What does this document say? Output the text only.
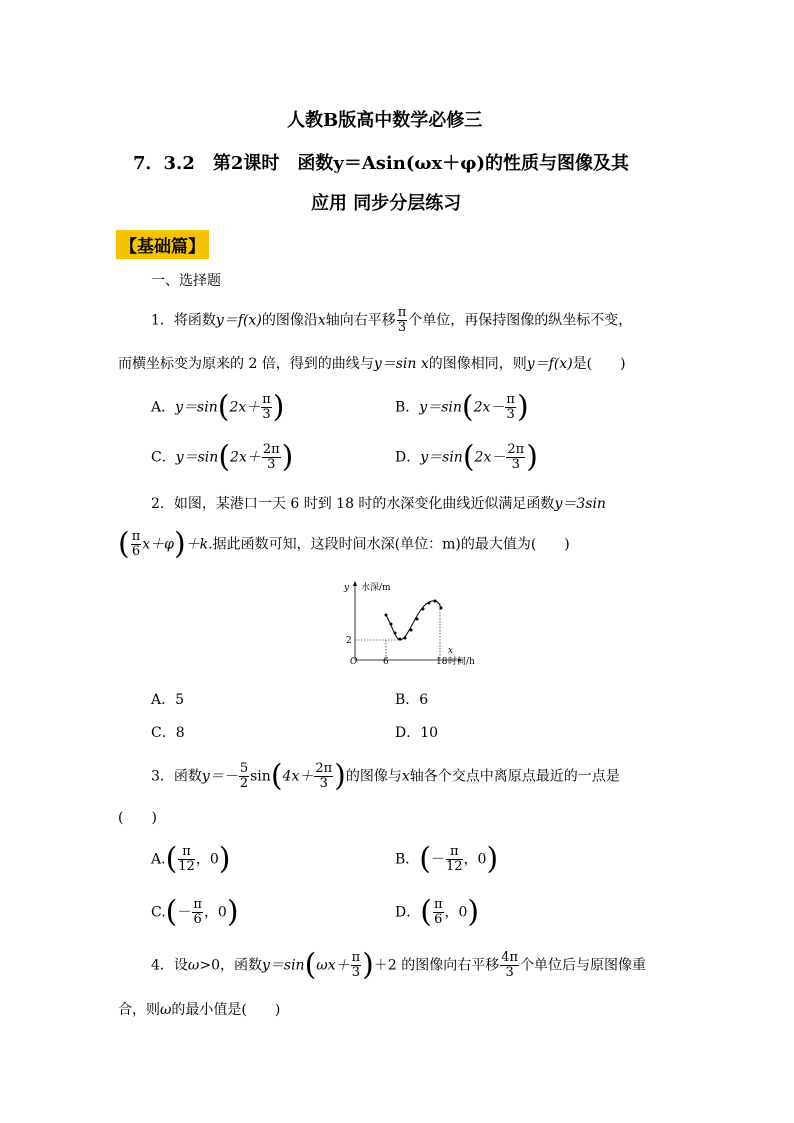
人教B版高中数学必修三
7．3.2　第2课时　函数y＝Asin(ωx＋φ)的性质与图像及其
应用 同步分层练习
【基础篇】
一、选择题
1．将函数y＝f(x)的图像沿x轴向右平移 $\frac{\pi}{3}$ 个单位，再保持图像的纵坐标不变，
而横坐标变为原来的 2 倍，得到的曲线与y＝sin x的图像相同，则y＝f(x)是(　　)
A．$y=\sin(2x+ \frac{\pi}{3}$ )	B．$y=\sin(2x- \frac{\pi}{3}$ )
C．$y=\sin(2x+ \frac{2\pi}{3}$ )	D．$y=\sin(2x- \frac{2\pi}{3}$ )
2．如图，某港口一天 6 时到 18 时的水深变化曲线近似满足函数y＝3sin
( $\frac{\pi}{6} x+\varphi)+k$.据此函数可知，这段时间水深(单位：m)的最大值为(　　)
y 水深/m
x
时间/h
O	6	18
2
A．5	B．6
C．8	D．10
3．函数$y=- \frac{5}{2} \sin(4x+ \frac{2\pi}{3}$ )的图像与x轴各个交点中离原点最近的一点是
(　　)
$A.( \frac{\pi}{12}$ ，0)	B．(－ $\frac{\pi}{12}$ ，0)
$C.(- \frac{\pi}{6}$ ，0)	D．( $\frac{\pi}{6}$ ，0)
4．设ω>0，函数$y=\sin(\omega x+ \frac{\pi}{3} )+2$ 的图像向右平移 $\frac{4\pi}{3}$ 个单位后与原图像重
合，则ω的最小值是(　　)
